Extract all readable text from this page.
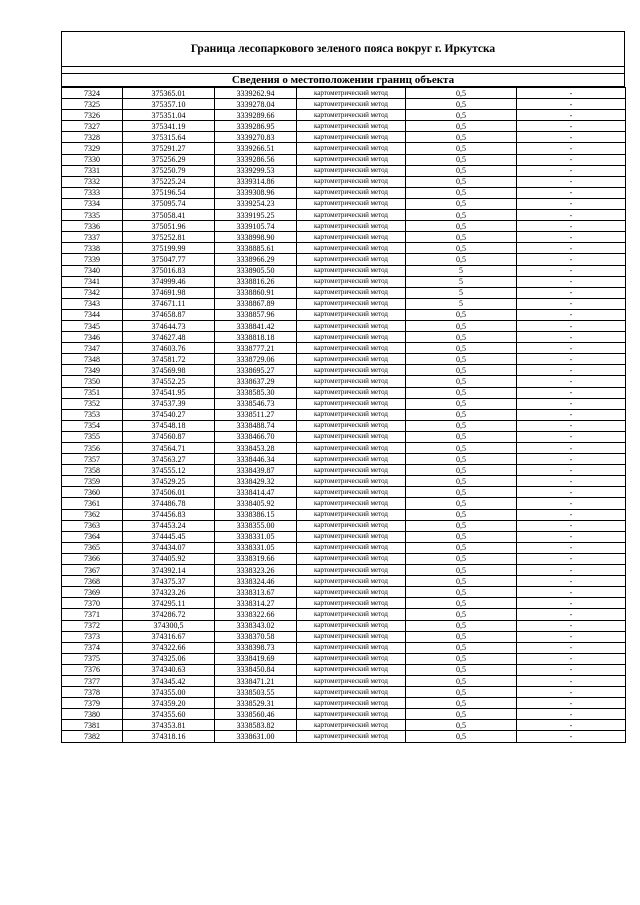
Граница лесопаркового зеленого пояса вокруг г. Иркутска
Сведения о местоположении границ объекта
7324	375365.01	3339262.94	картометрический метод	0,5	-
7325	375357.10	3339278.04	картометрический метод	0,5	-
7326	375351.04	3339289.66	картометрический метод	0,5	-
7327	375341.19	3339286.95	картометрический метод	0,5	-
7328	375315.64	3339270.83	картометрический метод	0,5	-
7329	375291.27	3339266.51	картометрический метод	0,5	-
7330	375256.29	3339286.56	картометрический метод	0,5	-
7331	375250.79	3339299.53	картометрический метод	0,5	-
7332	375225.24	3339314.86	картометрический метод	0,5	-
7333	375196.54	3339308.96	картометрический метод	0,5	-
7334	375095.74	3339254.23	картометрический метод	0,5	-
7335	375058.41	3339195.25	картометрический метод	0,5	-
7336	375051.96	3339105.74	картометрический метод	0,5	-
7337	375252.81	3338998.90	картометрический метод	0,5	-
7338	375199.99	3338885.61	картометрический метод	0,5	-
7339	375047.77	3338966.29	картометрический метод	0,5	-
7340	375016.83	3338905.50	картометрический метод	5	-
7341	374999.46	3338816.26	картометрический метод	5	-
7342	374691.98	3338860.91	картометрический метод	5	-
7343	374671.11	3338867.89	картометрический метод	5	-
7344	374658.87	3338857.96	картометрический метод	0,5	-
7345	374644.73	3338841.42	картометрический метод	0,5	-
7346	374627.48	3338818.18	картометрический метод	0,5	-
7347	374603.76	3338777.21	картометрический метод	0,5	-
7348	374581.72	3338729.06	картометрический метод	0,5	-
7349	374569.98	3338695.27	картометрический метод	0,5	-
7350	374552.25	3338637.29	картометрический метод	0,5	-
7351	374541.95	3338585.30	картометрический метод	0,5	-
7352	374537.39	3338546.73	картометрический метод	0,5	-
7353	374540.27	3338511.27	картометрический метод	0,5	-
7354	374548.18	3338488.74	картометрический метод	0,5	-
7355	374560.87	3338466.70	картометрический метод	0,5	-
7356	374564.71	3338453.28	картометрический метод	0,5	-
7357	374563.27	3338446.34	картометрический метод	0,5	-
7358	374555.12	3338439.87	картометрический метод	0,5	-
7359	374529.25	3338429.32	картометрический метод	0,5	-
7360	374506.01	3338414.47	картометрический метод	0,5	-
7361	374486.78	3338405.92	картометрический метод	0,5	-
7362	374456.83	3338386.15	картометрический метод	0,5	-
7363	374453.24	3338355.00	картометрический метод	0,5	-
7364	374445.45	3338331.05	картометрический метод	0,5	-
7365	374434.07	3338331.05	картометрический метод	0,5	-
7366	374405.92	3338319.66	картометрический метод	0,5	-
7367	374392.14	3338323.26	картометрический метод	0,5	-
7368	374375.37	3338324.46	картометрический метод	0,5	-
7369	374323.26	3338313.67	картометрический метод	0,5	-
7370	374295.11	3338314.27	картометрический метод	0,5	-
7371	374286.72	3338322.66	картометрический метод	0,5	-
7372	374300,5	3338343.02	картометрический метод	0,5	-
7373	374316.67	3338370.58	картометрический метод	0,5	-
7374	374322.66	3338398.73	картометрический метод	0,5	-
7375	374325.06	3338419.69	картометрический метод	0,5	-
7376	374340.63	3338450.84	картометрический метод	0,5	-
7377	374345.42	3338471.21	картометрический метод	0,5	-
7378	374355.00	3338503.55	картометрический метод	0,5	-
7379	374359.20	3338529.31	картометрический метод	0,5	-
7380	374355.60	3338560.46	картометрический метод	0,5	-
7381	374353.81	3338583.82	картометрический метод	0,5	-
7382	374318.16	3338631.00	картометрический метод	0,5	-
